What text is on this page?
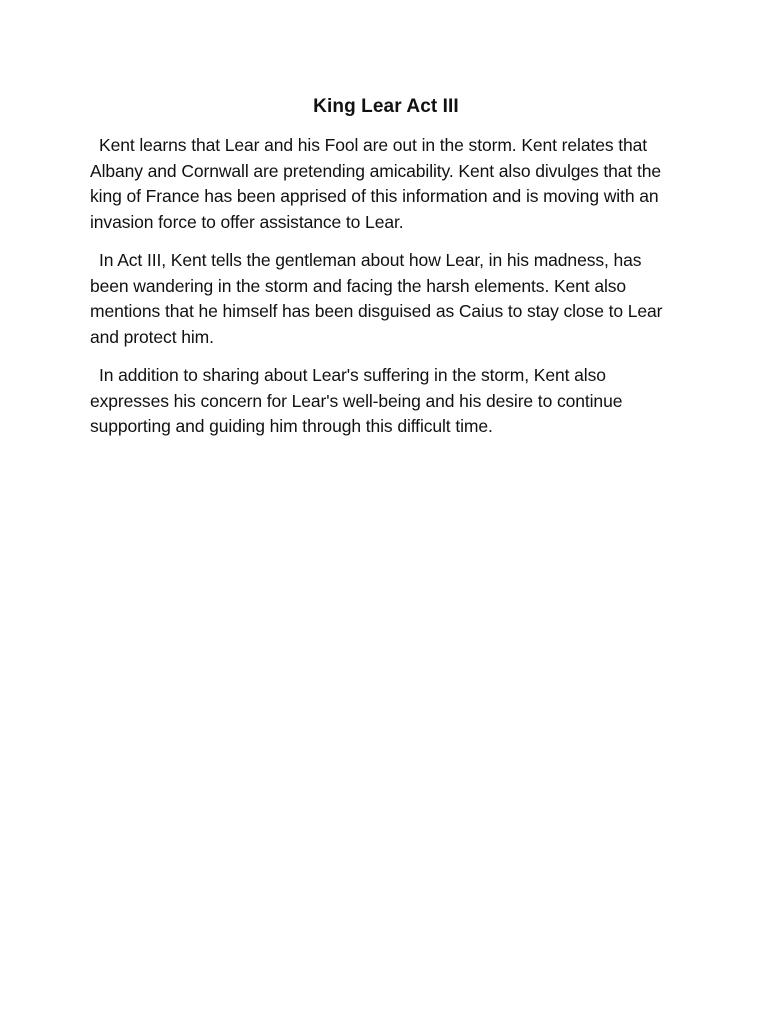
King Lear Act III

Kent learns that Lear and his Fool are out in the storm. Kent relates that Albany and Cornwall are pretending amicability. Kent also divulges that the king of France has been apprised of this information and is moving with an invasion force to offer assistance to Lear.

In Act III, Kent tells the gentleman about how Lear, in his madness, has been wandering in the storm and facing the harsh elements. Kent also mentions that he himself has been disguised as Caius to stay close to Lear and protect him.

In addition to sharing about Lear's suffering in the storm, Kent also expresses his concern for Lear's well-being and his desire to continue supporting and guiding him through this difficult time.
